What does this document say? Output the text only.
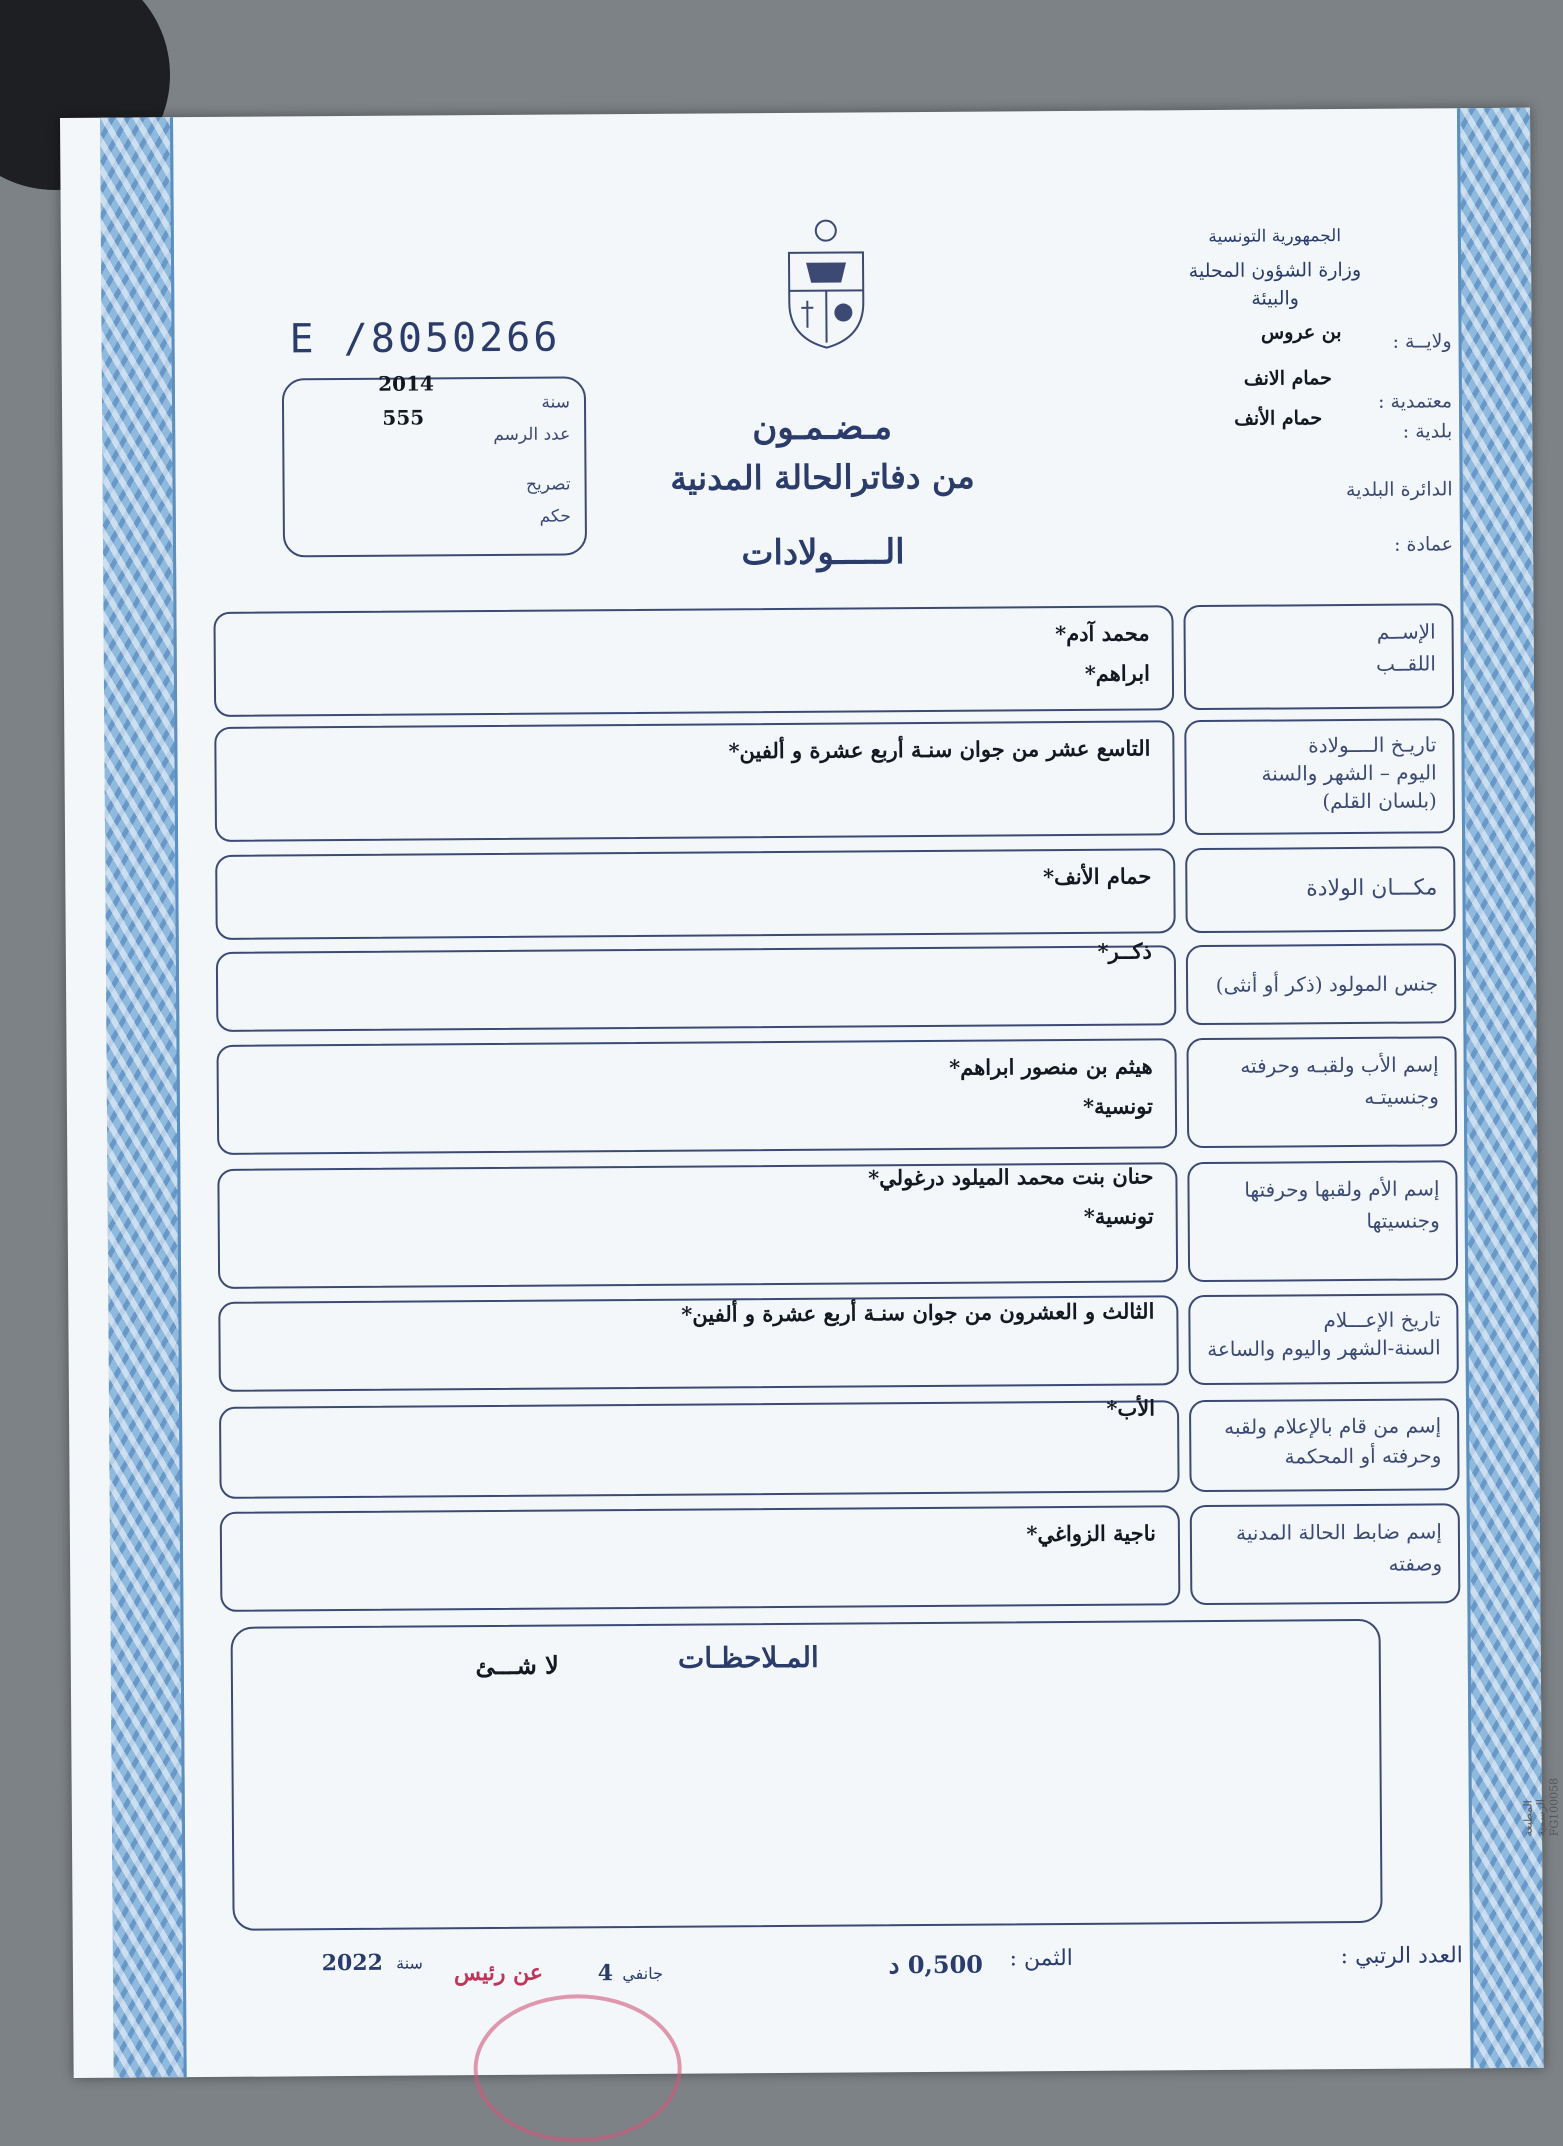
الجمهورية التونسية
وزارة الشؤون المحلية
والبيئة
ولايــة :
بن عروس
معتمدية :
حمام الانف
بلدية :
حمام الأنف
الدائرة البلدية
عمادة :
E /8050266
سنة
2014
عدد الرسم
555
تصريح
حكم
مـضـمـون
من دفاترالحالة المدنية
الـــــولادات
الإســم
اللقــب
محمد آدم*
ابراهم*
تاريـخ الــــولادة
اليوم – الشهر والسنة
(بلسان القلم)
التاسع عشر من جوان سنـة أربع عشرة و ألفين*
مكـــان الولادة
حمام الأنف*
جنس المولود (ذكر أو أنثى)
ذكــر*
إسم الأب ولقبـه وحرفته
وجنسيتـه
هيثم بن منصور ابراهم*
تونسية*
إسم الأم ولقبها وحرفتها
وجنسيتها
حنان بنت محمد الميلود درغولي*
تونسية*
تاريخ الإعـــلام
السنة-الشهر واليوم والساعة
الثالث و العشرون من جوان سنـة أربع عشرة و ألفين*
إسم من قام بالإعلام ولقبه
وحرفته أو المحكمة
الأب*
إسم ضابط الحالة المدنية
وصفته
ناجية الزواغي*
المـلاحظـات
لا شـــئ
العدد الرتبي :
الثمن :
0,500 د
سنة
2022	جانفي
4
عن رئيس
المطبعة الرسمية FG100058
